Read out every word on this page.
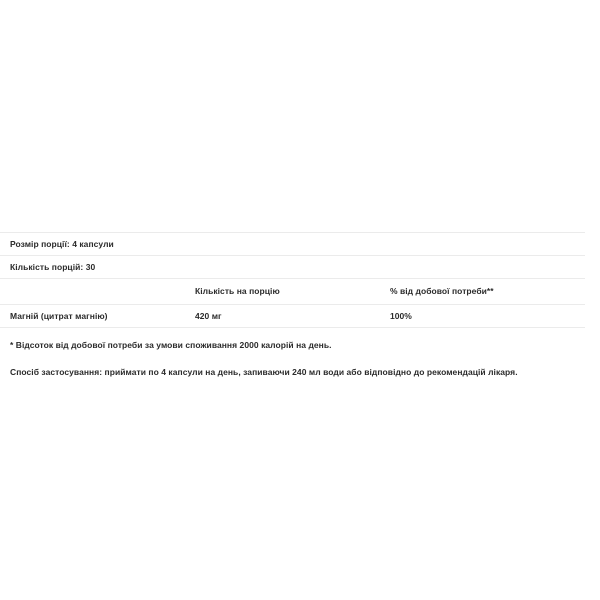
Розмір порції: 4 капсули		
Кількість порцій: 30		
	Кількість на порцію	% від добової потреби**
Магній (цитрат магнію)	420 мг	100%
* Відсоток від добової потреби за умови споживання 2000 калорій на день.
Спосіб застосування: приймати по 4 капсули на день, запиваючи 240 мл води або відповідно до рекомендацій лікаря.
